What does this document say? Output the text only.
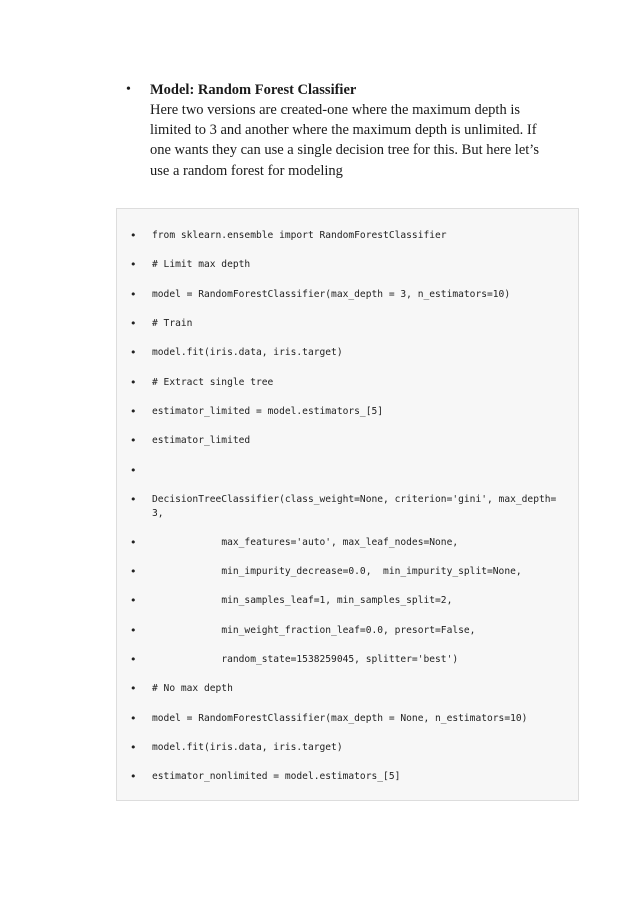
• Model: Random Forest Classifier
Here two versions are created-one where the maximum depth is limited to 3 and another where the maximum depth is unlimited. If one wants they can use a single decision tree for this. But here let’s use a random forest for modeling
• from sklearn.ensemble import RandomForestClassifier
• # Limit max depth
• model = RandomForestClassifier(max_depth = 3, n_estimators=10)
• # Train
• model.fit(iris.data, iris.target)
• # Extract single tree
• estimator_limited = model.estimators_[5]
• estimator_limited
•
• DecisionTreeClassifier(class_weight=None, criterion='gini', max_depth=3,
• max_features='auto', max_leaf_nodes=None,
• min_impurity_decrease=0.0,  min_impurity_split=None,
• min_samples_leaf=1, min_samples_split=2,
• min_weight_fraction_leaf=0.0, presort=False,
• random_state=1538259045, splitter='best')
• # No max depth
• model = RandomForestClassifier(max_depth = None, n_estimators=10)
• model.fit(iris.data, iris.target)
• estimator_nonlimited = model.estimators_[5]
